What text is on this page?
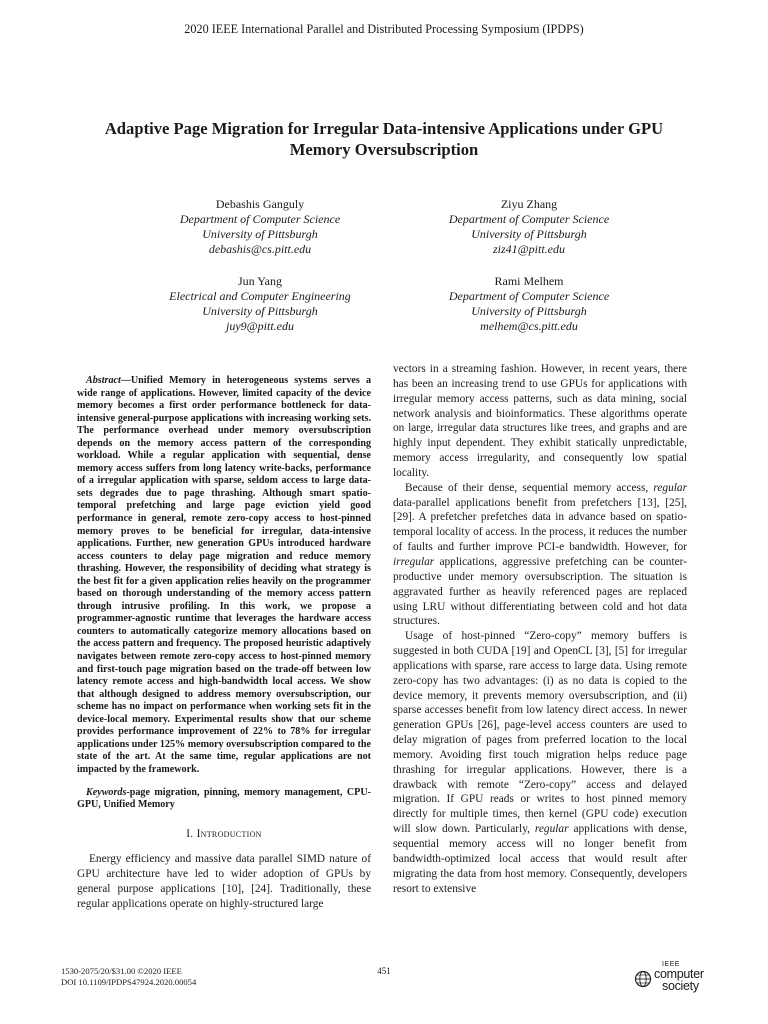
2020 IEEE International Parallel and Distributed Processing Symposium (IPDPS)
Adaptive Page Migration for Irregular Data-intensive Applications under GPU
Memory Oversubscription
Debashis Ganguly
Department of Computer Science
University of Pittsburgh
debashis@cs.pitt.edu
Ziyu Zhang
Department of Computer Science
University of Pittsburgh
ziz41@pitt.edu
Jun Yang
Electrical and Computer Engineering
University of Pittsburgh
juy9@pitt.edu
Rami Melhem
Department of Computer Science
University of Pittsburgh
melhem@cs.pitt.edu

Abstract—Unified Memory in heterogeneous systems serves a wide range of applications. However, limited capacity of the device memory becomes a first order performance bottleneck for data-intensive general-purpose applications with increasing working sets. The performance overhead under memory oversubscription depends on the memory access pattern of the corresponding workload. While a regular application with sequential, dense memory access suffers from long latency write-backs, performance of a irregular application with sparse, seldom access to large data-sets degrades due to page thrashing. Although smart spatio-temporal prefetching and large page eviction yield good performance in general, remote zero-copy access to host-pinned memory proves to be beneficial for irregular, data-intensive applications. Further, new generation GPUs introduced hardware access counters to delay page migration and reduce memory thrashing. However, the responsibility of deciding what strategy is the best fit for a given application relies heavily on the programmer based on thorough understanding of the memory access pattern through intrusive profiling. In this work, we propose a programmer-agnostic runtime that leverages the hardware access counters to automatically categorize memory allocations based on the access pattern and frequency. The proposed heuristic adaptively navigates between remote zero-copy access to host-pinned memory and first-touch page migration based on the trade-off between low latency remote access and high-bandwidth local access. We show that although designed to address memory oversubscription, our scheme has no impact on performance when working sets fit in the device-local memory. Experimental results show that our scheme provides performance improvement of 22% to 78% for irregular applications under 125% memory oversubscription compared to the state of the art. At the same time, regular applications are not impacted by the framework.

Keywords-page migration, pinning, memory management, CPU-GPU, Unified Memory

I. Introduction

Energy efficiency and massive data parallel SIMD nature of GPU architecture have led to wider adoption of GPUs by general purpose applications [10], [24]. Traditionally, these regular applications operate on highly-structured large

vectors in a streaming fashion. However, in recent years, there has been an increasing trend to use GPUs for applications with irregular memory access patterns, such as data mining, social network analysis and bioinformatics. These algorithms operate on large, irregular data structures like trees, and graphs and are highly input dependent. They exhibit statically unpredictable, memory access irregularity, and consequently low spatial locality.

Because of their dense, sequential memory access, regular data-parallel applications benefit from prefetchers [13], [25], [29]. A prefetcher prefetches data in advance based on spatio-temporal locality of access. In the process, it reduces the number of faults and further improve PCI-e bandwidth. However, for irregular applications, aggressive prefetching can be counter-productive under memory oversubscription. The situation is aggravated further as heavily referenced pages are replaced using LRU without differentiating between cold and hot data structures.

Usage of host-pinned “Zero-copy” memory buffers is suggested in both CUDA [19] and OpenCL [3], [5] for irregular applications with sparse, rare access to large data. Using remote zero-copy has two advantages: (i) as no data is copied to the device memory, it prevents memory oversubscription, and (ii) sparse accesses benefit from low latency direct access. In newer generation GPUs [26], page-level access counters are used to delay migration of pages from preferred location to the local memory. Avoiding first touch migration helps reduce page thrashing for irregular applications. However, there is a drawback with remote “Zero-copy” access and delayed migration. If GPU reads or writes to host pinned memory directly for multiple times, then kernel (GPU code) execution will slow down. Particularly, regular applications with dense, sequential memory access will no longer benefit from bandwidth-optimized local access that would result after migrating the data from host memory. Consequently, developers resort to extensive

1530-2075/20/$31.00 ©2020 IEEE
DOI 10.1109/IPDPS47924.2020.00054
451
IEEE
computer
society
